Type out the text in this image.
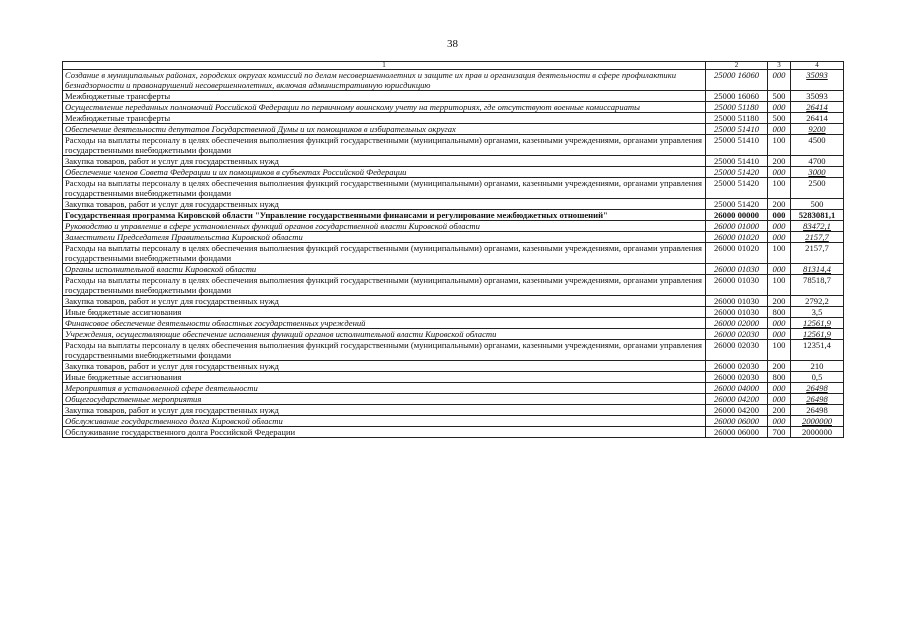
38
1	2	3	4
Создание в муниципальных районах, городских округах комиссий по делам несовершеннолетних и защите их прав и организация деятельности в сфере профилактики безнадзорности и правонарушений несовершеннолетних, включая административную юрисдикцию	25000 16060	000	35093
Межбюджетные трансферты	25000 16060	500	35093
Осуществление переданных полномочий Российской Федерации по первичному воинскому учету на территориях, где отсутствуют военные комиссариаты	25000 51180	000	26414
Межбюджетные трансферты	25000 51180	500	26414
Обеспечение деятельности депутатов Государственной Думы и их помощников в избирательных округах	25000 51410	000	9200
Расходы на выплаты персоналу в целях обеспечения выполнения функций государственными (муниципальными) органами, казенными учреждениями, органами управления государственными внебюджетными фондами	25000 51410	100	4500
Закупка товаров, работ и услуг для государственных нужд	25000 51410	200	4700
Обеспечение членов Совета Федерации и их помощников в субъектах Российской Федерации	25000 51420	000	3000
Расходы на выплаты персоналу в целях обеспечения выполнения функций государственными (муниципальными) органами, казенными учреждениями, органами управления государственными внебюджетными фондами	25000 51420	100	2500
Закупка товаров, работ и услуг для государственных нужд	25000 51420	200	500
Государственная программа Кировской области "Управление государственными финансами и регулирование межбюджетных отношений"	26000 00000	000	5283081,1
Руководство и управление в сфере установленных функций органов государственной власти Кировской области	26000 01000	000	83472,1
Заместители Председателя Правительства Кировской области	26000 01020	000	2157,7
Расходы на выплаты персоналу в целях обеспечения выполнения функций государственными (муниципальными) органами, казенными учреждениями, органами управления государственными внебюджетными фондами	26000 01020	100	2157,7
Органы исполнительной власти Кировской области	26000 01030	000	81314,4
Расходы на выплаты персоналу в целях обеспечения выполнения функций государственными (муниципальными) органами, казенными учреждениями, органами управления государственными внебюджетными фондами	26000 01030	100	78518,7
Закупка товаров, работ и услуг для государственных нужд	26000 01030	200	2792,2
Иные бюджетные ассигнования	26000 01030	800	3,5
Финансовое обеспечение деятельности областных государственных учреждений	26000 02000	000	12561,9
Учреждения, осуществляющие обеспечение исполнения функций органов исполнительной власти Кировской области	26000 02030	000	12561,9
Расходы на выплаты персоналу в целях обеспечения выполнения функций государственными (муниципальными) органами, казенными учреждениями, органами управления государственными внебюджетными фондами	26000 02030	100	12351,4
Закупка товаров, работ и услуг для государственных нужд	26000 02030	200	210
Иные бюджетные ассигнования	26000 02030	800	0,5
Мероприятия в установленной сфере деятельности	26000 04000	000	26498
Общегосударственные мероприятия	26000 04200	000	26498
Закупка товаров, работ и услуг для государственных нужд	26000 04200	200	26498
Обслуживание государственного долга Кировской области	26000 06000	000	2000000
Обслуживание государственного долга Российской Федерации	26000 06000	700	2000000
